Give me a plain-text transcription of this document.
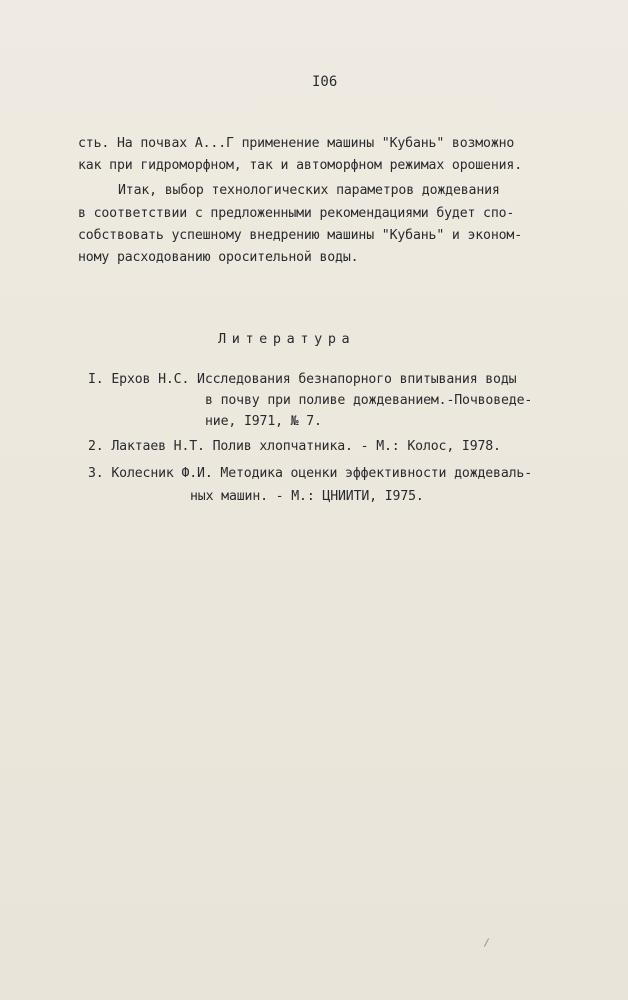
I06
сть. На почвах А...Г применение машины "Кубань" возможно
как при гидроморфном, так и автоморфном режимах орошения.
Итак, выбор технологических параметров дождевания
в соответствии с предложенными рекомендациями будет спо-
собствовать успешному внедрению машины "Кубань" и эконом-
ному расходованию оросительной воды.
Литература
I. Ерхов Н.С. Исследования безнапорного впитывания воды
в почву при поливе дождеванием.-Почвоведе-
ние, I971, № 7.
2. Лактаев Н.Т. Полив хлопчатника. - М.: Колос, I978.
3. Колесник Ф.И. Методика оценки эффективности дождеваль-
ных машин. - М.: ЦНИИТИ, I975.
